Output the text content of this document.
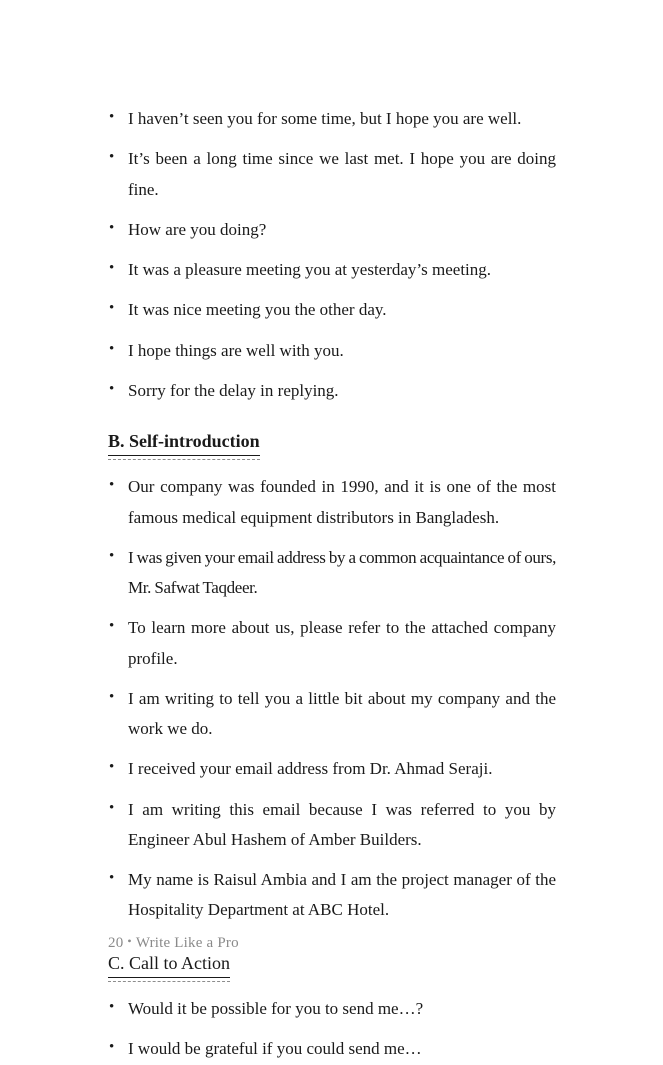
• I haven’t seen you for some time, but I hope you are well.
• It’s been a long time since we last met. I hope you are doing fine.
• How are you doing?
• It was a pleasure meeting you at yesterday’s meeting.
• It was nice meeting you the other day.
• I hope things are well with you.
• Sorry for the delay in replying.
B. Self-introduction
• Our company was founded in 1990, and it is one of the most famous medical equipment distributors in Bangladesh.
• I was given your email address by a common acquaintance of ours, Mr. Safwat Taqdeer.
• To learn more about us, please refer to the attached company profile.
• I am writing to tell you a little bit about my company and the work we do.
• I received your email address from Dr. Ahmad Seraji.
• I am writing this email because I was referred to you by Engineer Abul Hashem of Amber Builders.
• My name is Raisul Ambia and I am the project manager of the Hospitality Department at ABC Hotel.
C. Call to Action
• Would it be possible for you to send me…?
• I would be grateful if you could send me…
20 • Write Like a Pro
